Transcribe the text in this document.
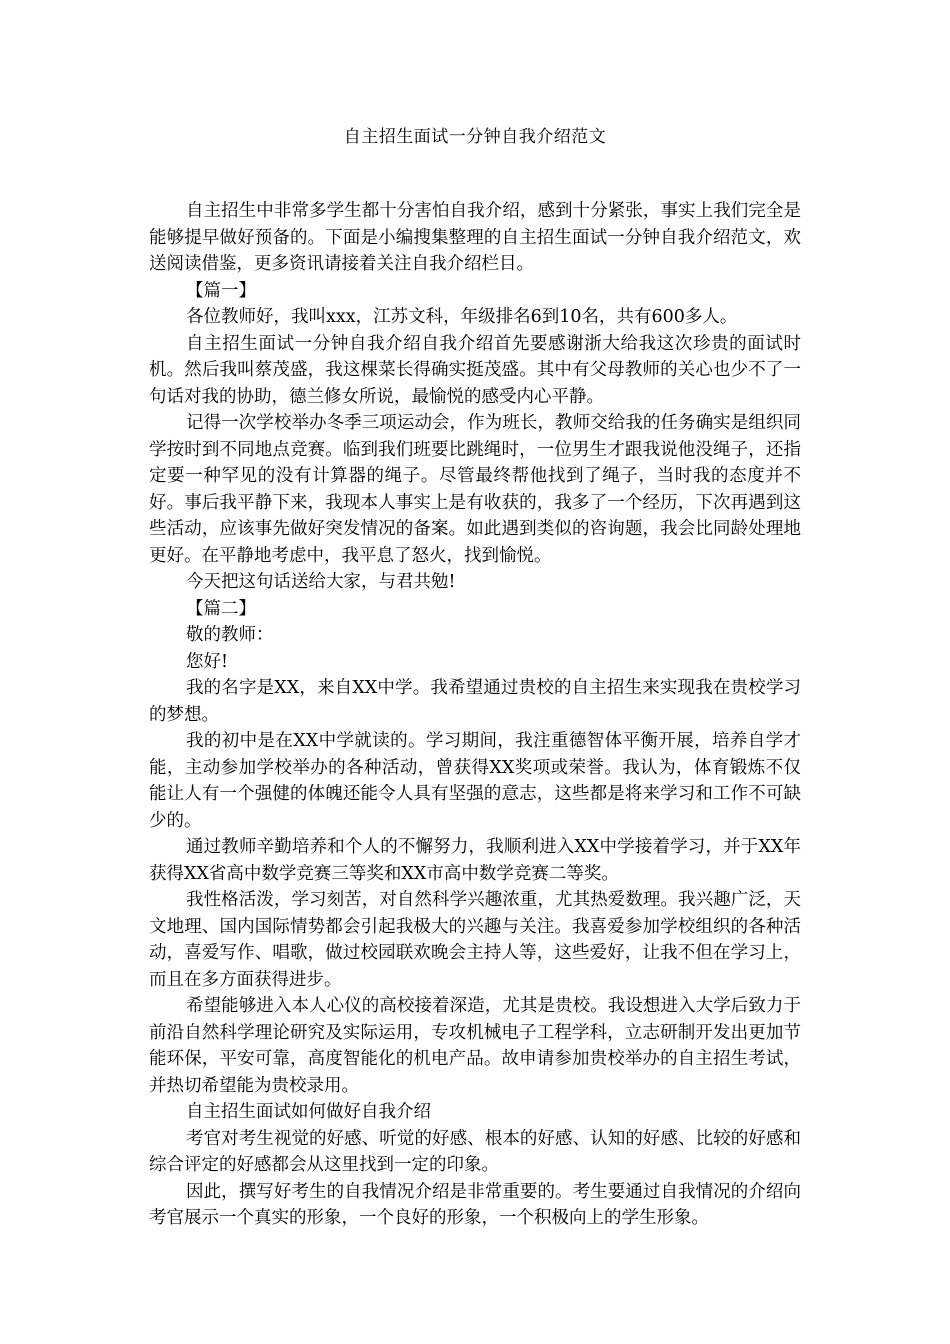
自主招生面试一分钟自我介绍范文

自主招生中非常多学生都十分害怕自我介绍，感到十分紧张，事实上我们完全是能够提早做好预备的。下面是小编搜集整理的自主招生面试一分钟自我介绍范文，欢送阅读借鉴，更多资讯请接着关注自我介绍栏目。

【篇一】

各位教师好，我叫xxx，江苏文科，年级排名6到10名，共有600多人。

自主招生面试一分钟自我介绍自我介绍首先要感谢浙大给我这次珍贵的面试时机。然后我叫蔡茂盛，我这棵菜长得确实挺茂盛。其中有父母教师的关心也少不了一句话对我的协助，德兰修女所说，最愉悦的感受内心平静。

记得一次学校举办冬季三项运动会，作为班长，教师交给我的任务确实是组织同学按时到不同地点竞赛。临到我们班要比跳绳时，一位男生才跟我说他没绳子，还指定要一种罕见的没有计算器的绳子。尽管最终帮他找到了绳子，当时我的态度并不好。事后我平静下来，我现本人事实上是有收获的，我多了一个经历，下次再遇到这些活动，应该事先做好突发情况的备案。如此遇到类似的咨询题，我会比同龄处理地更好。在平静地考虑中，我平息了怒火，找到愉悦。

今天把这句话送给大家，与君共勉!

【篇二】

敬的教师：

您好!

我的名字是XX，来自XX中学。我希望通过贵校的自主招生来实现我在贵校学习的梦想。

我的初中是在XX中学就读的。学习期间，我注重德智体平衡开展，培养自学才能，主动参加学校举办的各种活动，曾获得XX奖项或荣誉。我认为，体育锻炼不仅能让人有一个强健的体魄还能令人具有坚强的意志，这些都是将来学习和工作不可缺少的。

通过教师辛勤培养和个人的不懈努力，我顺利进入XX中学接着学习，并于XX年获得XX省高中数学竞赛三等奖和XX市高中数学竞赛二等奖。

我性格活泼，学习刻苦，对自然科学兴趣浓重，尤其热爱数理。我兴趣广泛，天文地理、国内国际情势都会引起我极大的兴趣与关注。我喜爱参加学校组织的各种活动，喜爱写作、唱歌，做过校园联欢晚会主持人等，这些爱好，让我不但在学习上，而且在多方面获得进步。

希望能够进入本人心仪的高校接着深造，尤其是贵校。我设想进入大学后致力于前沿自然科学理论研究及实际运用，专攻机械电子工程学科，立志研制开发出更加节能环保，平安可靠，高度智能化的机电产品。故申请参加贵校举办的自主招生考试，并热切希望能为贵校录用。

自主招生面试如何做好自我介绍

考官对考生视觉的好感、听觉的好感、根本的好感、认知的好感、比较的好感和综合评定的好感都会从这里找到一定的印象。

因此，撰写好考生的自我情况介绍是非常重要的。考生要通过自我情况的介绍向考官展示一个真实的形象，一个良好的形象，一个积极向上的学生形象。
